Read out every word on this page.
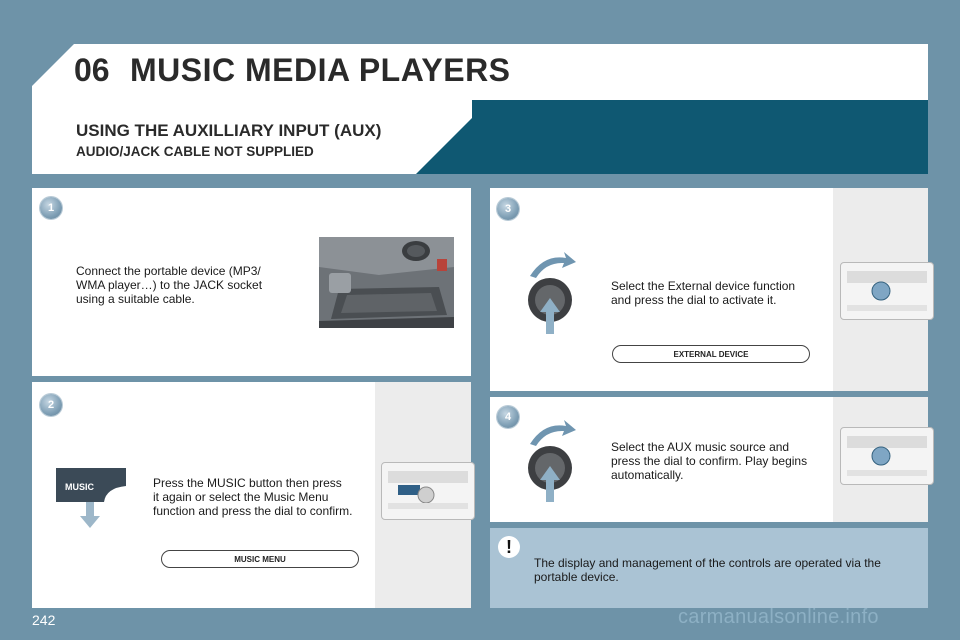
06 MUSIC MEDIA PLAYERS
USING THE AUXILLIARY INPUT (AUX)
AUDIO/JACK CABLE NOT SUPPLIED
1
Connect the portable device (MP3/
WMA player…) to the JACK socket
using a suitable cable.
2
MUSIC	Press the MUSIC button then press
it again or select the Music Menu
function and press the dial to confirm.
MUSIC MENU
3
Select the External device function
and press the dial to activate it.
EXTERNAL DEVICE
4
Select the AUX music source and
press the dial to confirm. Play begins
automatically.
!
The display and management of the controls are operated via the
portable device.
242	carmanualsonline.info
